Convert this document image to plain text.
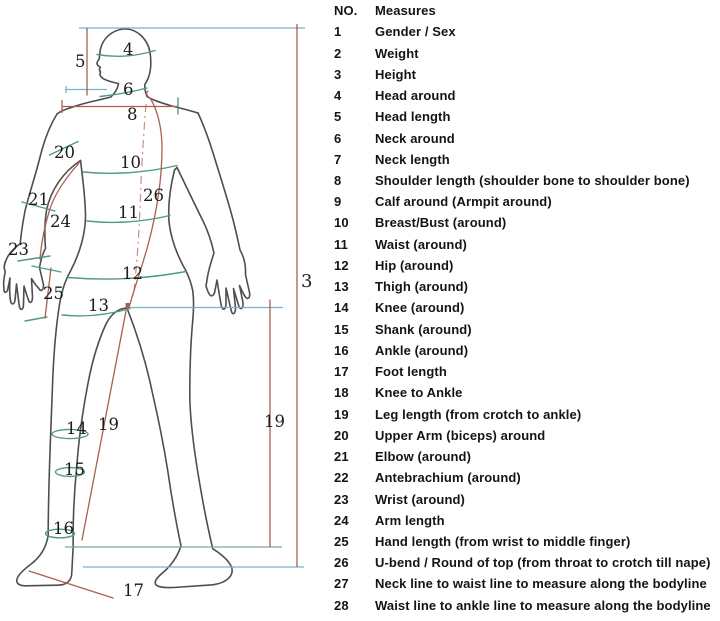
4
5
6
8
10
26
11
12
13
20
21
24
23
25
14
15
16
17
19	19
3
NO.	Measures
1	Gender / Sex
2	Weight
3	Height
4	Head around
5	Head length
6	Neck around
7	Neck length
8	Shoulder length (shoulder bone to shoulder bone)
9	Calf around (Armpit around)
10	Breast/Bust (around)
11	Waist (around)
12	Hip (around)
13	Thigh (around)
14	Knee (around)
15	Shank (around)
16	Ankle (around)
17	Foot length
18	Knee to Ankle
19	Leg length (from crotch to ankle)
20	Upper Arm (biceps) around
21	Elbow (around)
22	Antebrachium (around)
23	Wrist (around)
24	Arm length
25	Hand length (from wrist to middle finger)
26	U-bend / Round of top (from throat to crotch till nape)
27	Neck line to waist line to measure along the bodyline
28	Waist line to ankle line to measure along the bodyline
